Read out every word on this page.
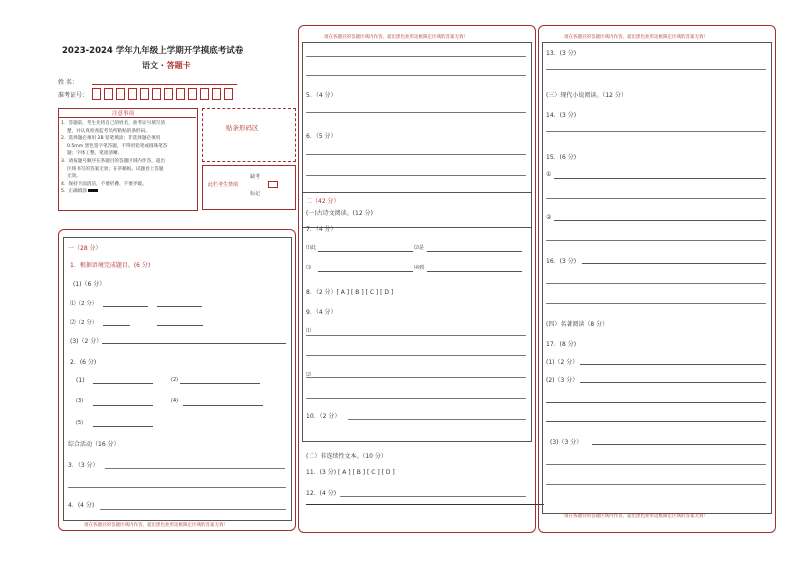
2023-2024 学年九年级上学期开学摸底考试卷
语文 · 答题卡
姓 名：
准考证号：
注意事项
1．答题前，考生先将自己的姓名，准考证号填写清
楚，并认真检查监考员所粘贴的条形码。
2．选择题必须用 2B 铅笔填涂；非选择题必须用
0.5mm 黑色签字笔答题，不得用铅笔或圆珠笔答
题；字体工整、笔迹清晰。
3．请按题号顺序在各题目的答题区域内作答，超出
区域书写的答案无效；在草稿纸、试题卷上答题
无效。
4．保持卡面清洁，不要折叠、不要弄破。
5．正确填涂
贴条形码区
此栏考生禁填
缺考
标记
一（28 分）
1．根据语境完成题目。(6 分)
(1)（6 分）
⑴（2 分）
⑵（2 分）
(3)（2 分）
2．(6 分)
(1)	(2)
(3)	(4)
(5)
综合活动（16 分）
3．（3 分）
4．(4 分)
请在各题目的答题区域内作答，超出黑色矩形边框限定区域的答案无效！
请在各题目的答题区域内作答，超出黑色矩形边框限定区域的答案无效！
5．（4 分）
6．（5 分）
二（42 分）
(一)古诗文阅读。(12 分)
7．（4 分）
⑴此	⑵是
⑶	⑷到
8．（2 分）[ A ] [ B ] [ C ] [ D ]
9．（4 分）
⑴
⑵
10．（2 分）
(二）非连续性文本。（10 分）
11．(3 分) [ A ] [ B ] [ C ] [ D ]
12．(4 分)
请在各题目的答题区域内作答，超出黑色矩形边框限定区域的答案无效！
13．(3 分)
(三）现代小说阅读。（12 分）
14．(3 分)
15．(6 分)
①
②
16．(3 分)
(四）名著阅读（8 分）
17．(8 分)
(1)（2 分）
(2)（3 分）
(3)（3 分）
请在各题目的答题区域内作答，超出黑色矩形边框限定区域的答案无效！
